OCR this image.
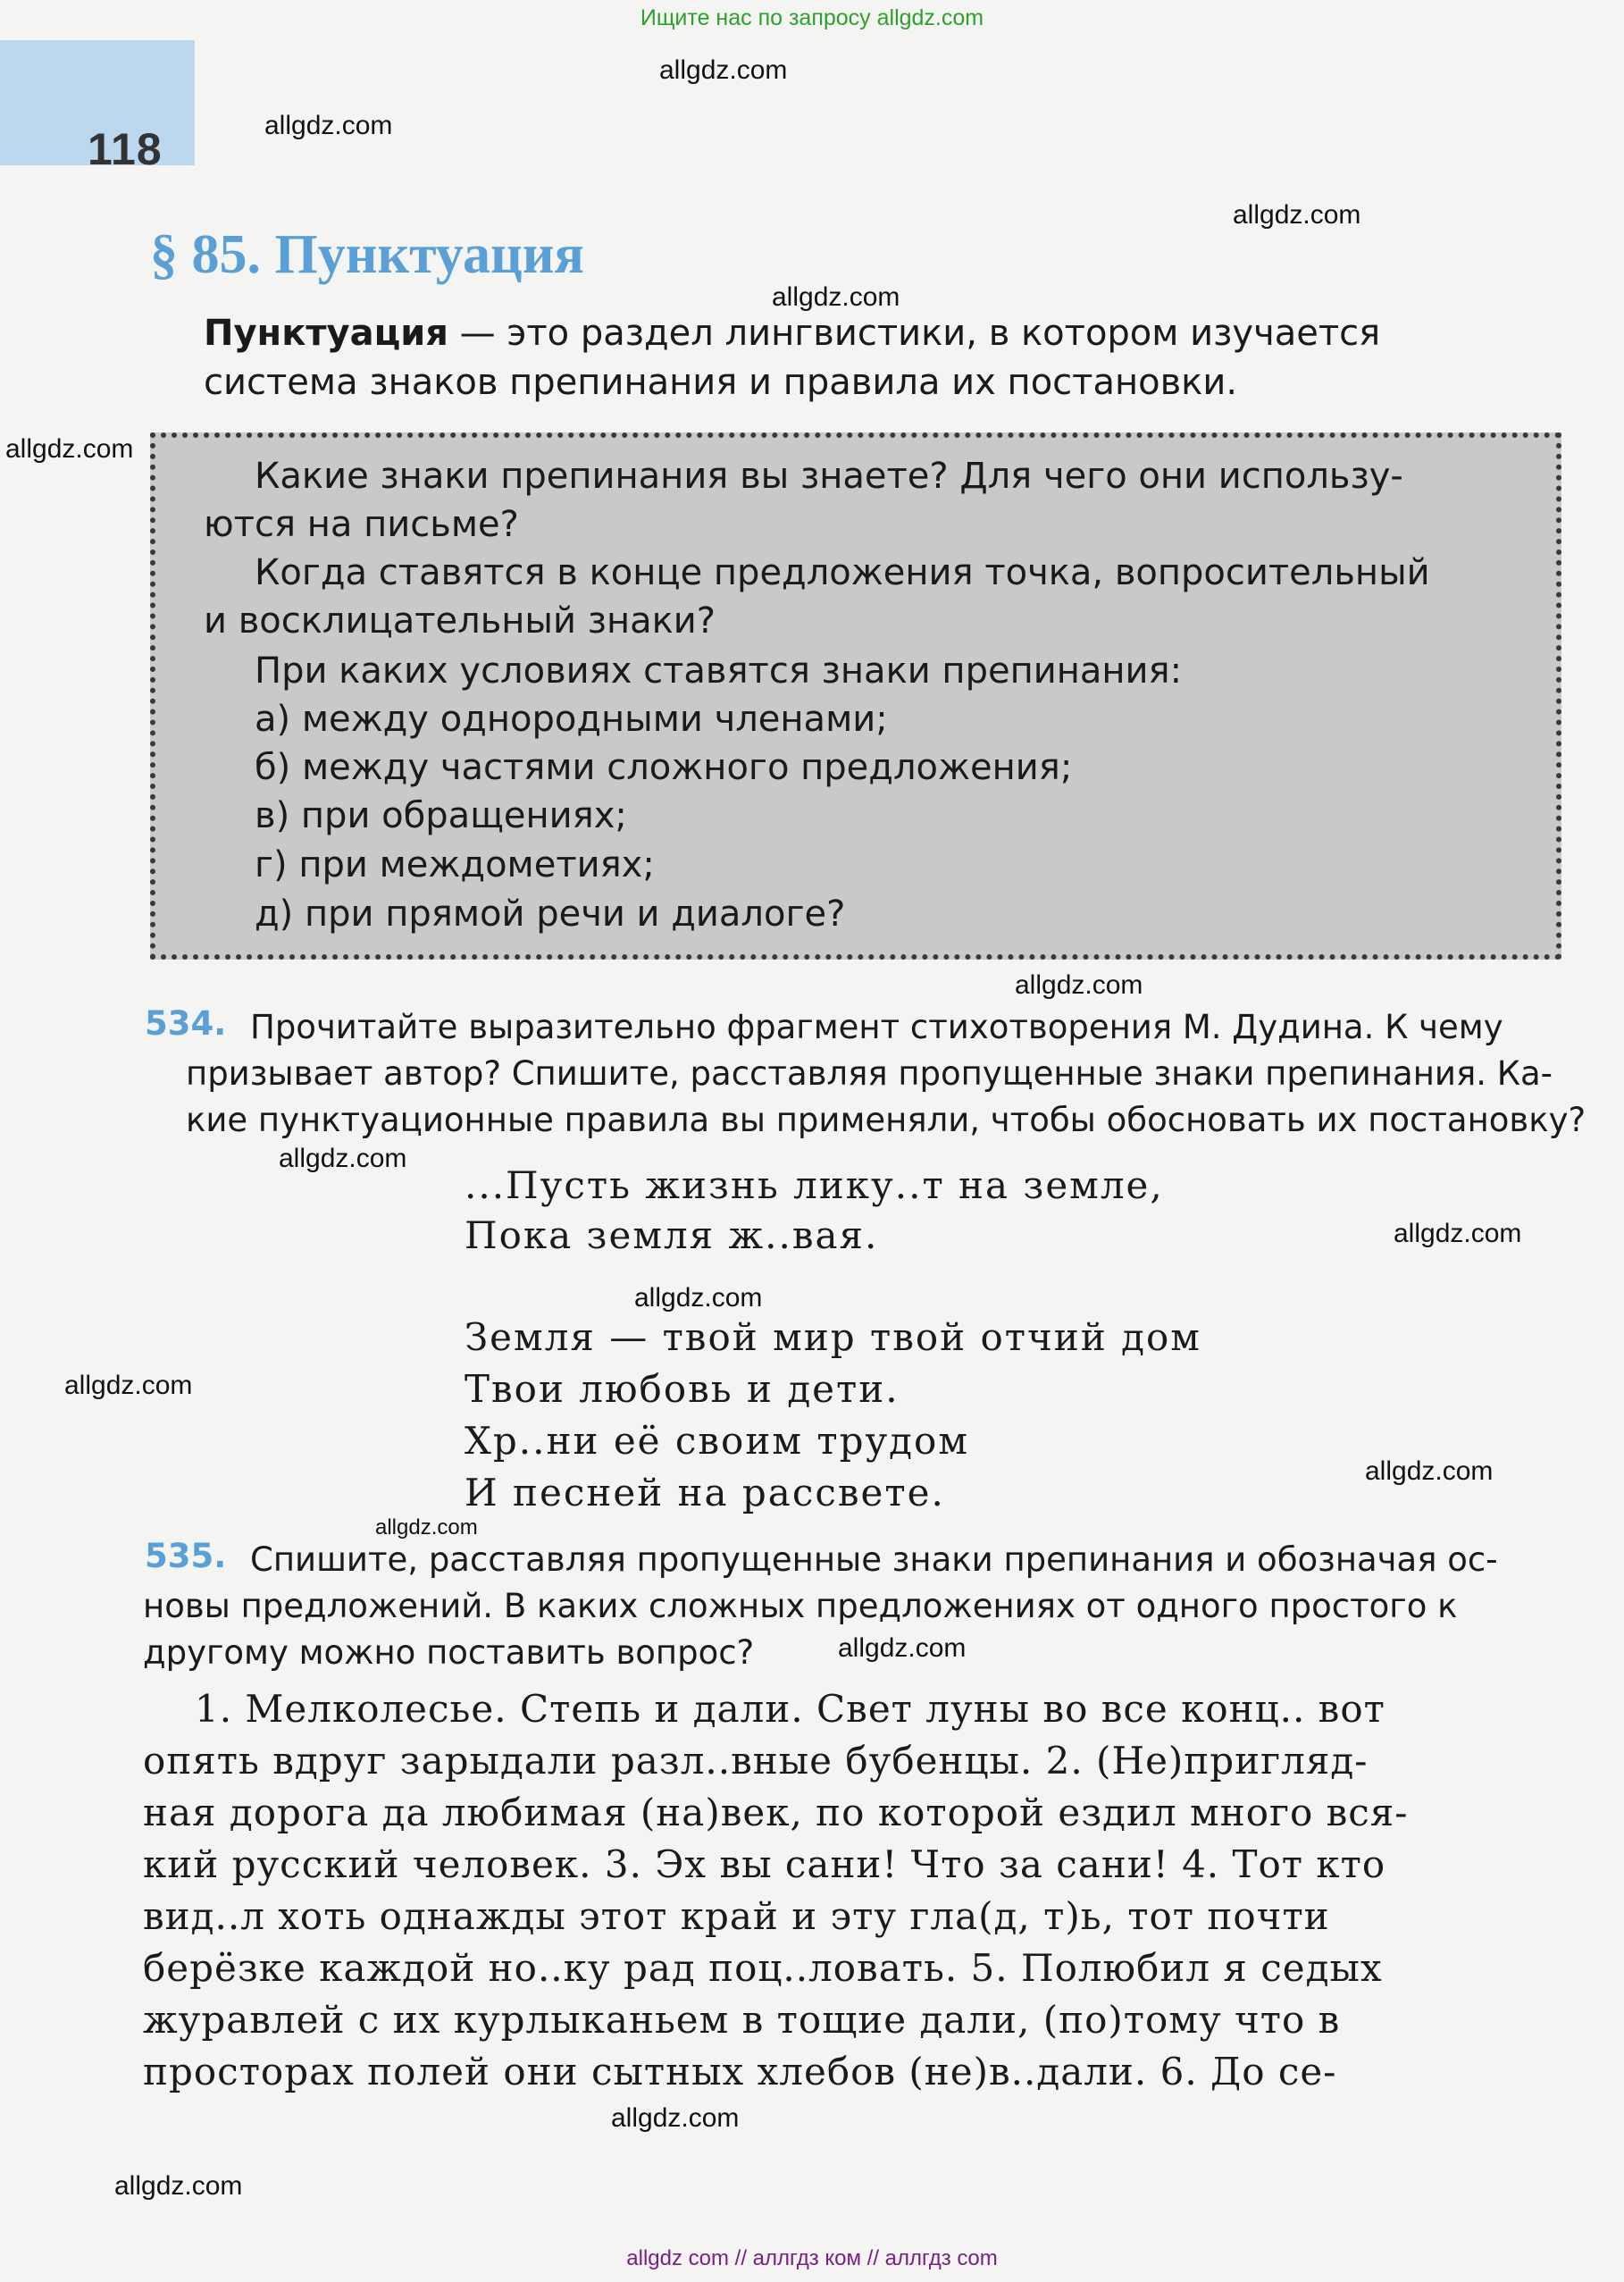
Ищите нас по запросу allgdz.com
118
§ 85. Пунктуация
Пунктуация — это раздел лингвистики, в котором изучается
система знаков препинания и правила их постановки.
Какие знаки препинания вы знаете? Для чего они использу-
ются на письме?
Когда ставятся в конце предложения точка, вопросительный
и восклицательный знаки?
При каких условиях ставятся знаки препинания:
а) между однородными членами;
б) между частями сложного предложения;
в) при обращениях;
г) при междометиях;
д) при прямой речи и диалоге?
534. Прочитайте выразительно фрагмент стихотворения М. Дудина. К чему
призывает автор? Спишите, расставляя пропущенные знаки препинания. Ка-
кие пунктуационные правила вы применяли, чтобы обосновать их постановку?
...Пусть жизнь лику..т на земле,
Пока земля ж..вая.
Земля — твой мир твой отчий дом
Твои любовь и дети.
Хр..ни её своим трудом
И песней на рассвете.
535. Спишите, расставляя пропущенные знаки препинания и обозначая ос-
новы предложений. В каких сложных предложениях от одного простого к
другому можно поставить вопрос?
1. Мелколесье. Степь и дали. Свет луны во все конц.. вот
опять вдруг зарыдали разл..вные бубенцы. 2. (Не)пригляд-
ная дорога да любимая (на)век, по которой ездил много вся-
кий русский человек. 3. Эх вы сани! Что за сани! 4. Тот кто
вид..л хоть однажды этот край и эту гла(д, т)ь, тот почти
берёзке каждой но..ку рад поц..ловать. 5. Полюбил я седых
журавлей с их курлыканьем в тощие дали, (по)тому что в
просторах полей они сытных хлебов (не)в..дали. 6. До се-
allgdz.com
allgdz.com
allgdz.com
allgdz.com
allgdz.com
allgdz.com
allgdz.com
allgdz.com
allgdz.com
allgdz.com
allgdz.com
allgdz.com
allgdz.com
allgdz.com
allgdz.com
allgdz com // аллгдз ком // аллгдз com
